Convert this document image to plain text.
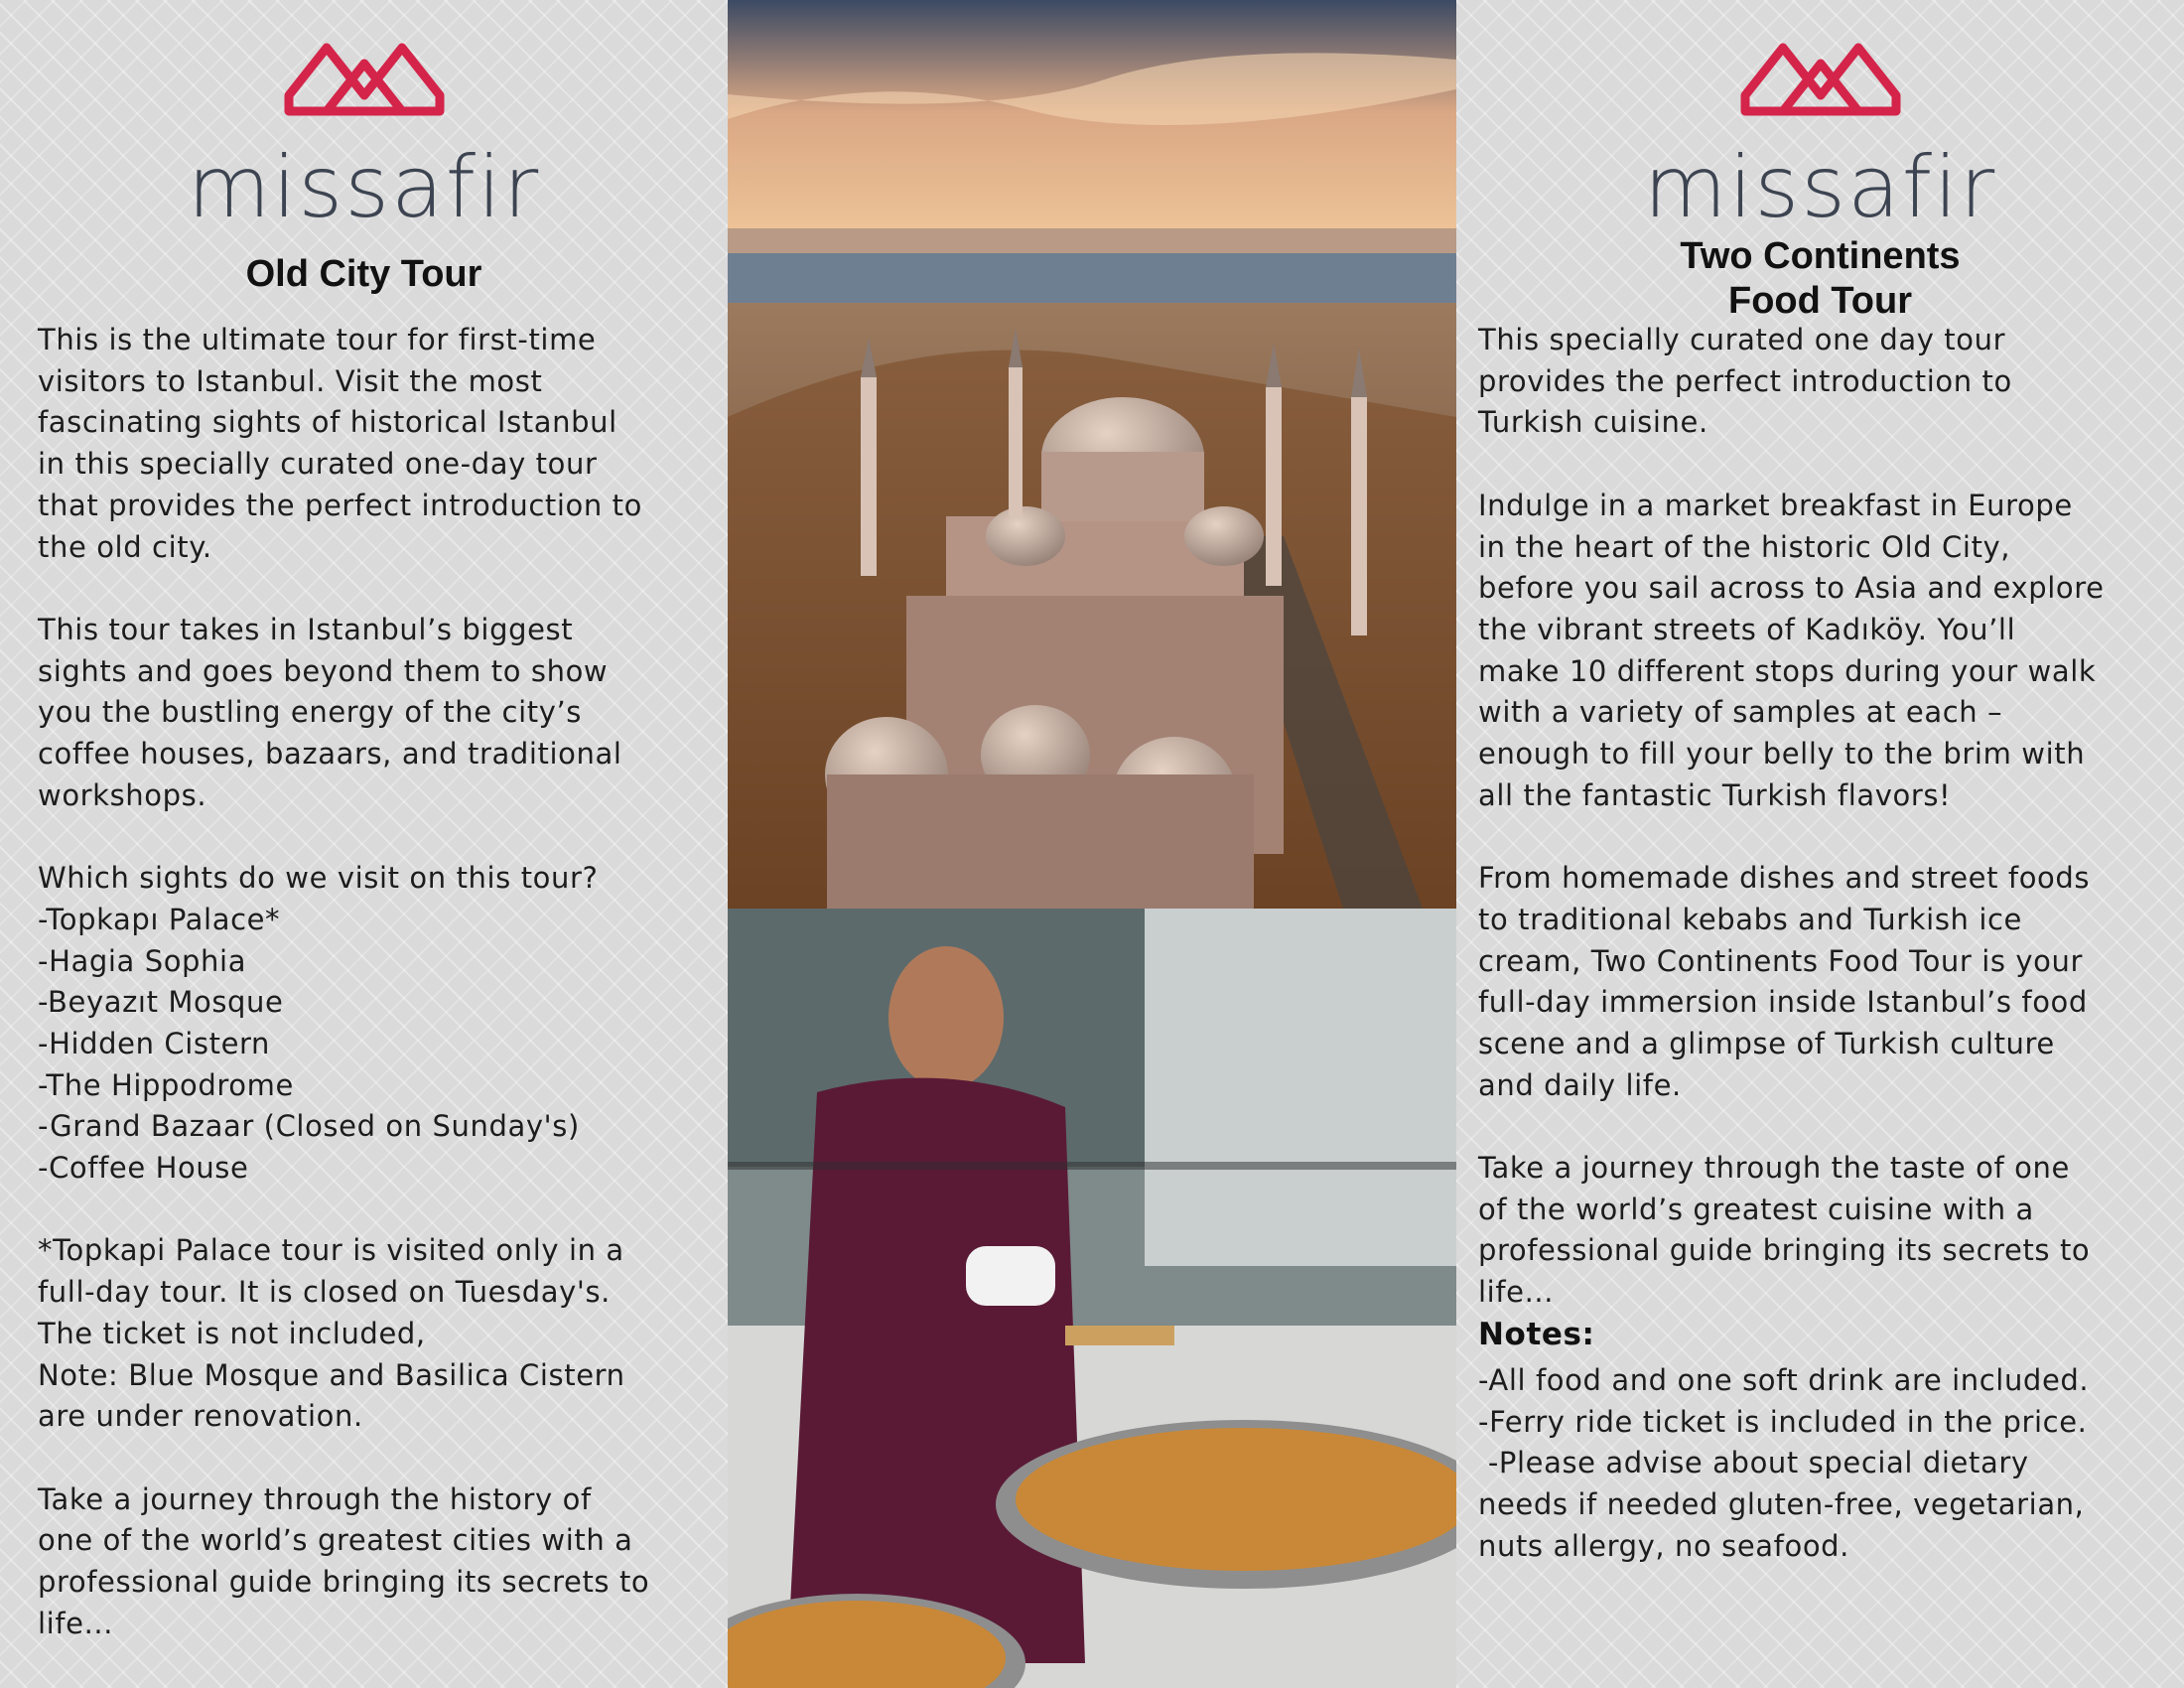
missafir
Old City Tour
This is the ultimate tour for first-time
visitors to Istanbul. Visit the most
fascinating sights of historical Istanbul
in this specially curated one-day tour
that provides the perfect introduction to
the old city.

This tour takes in Istanbul’s biggest
sights and goes beyond them to show
you the bustling energy of the city’s
coffee houses, bazaars, and traditional
workshops.

Which sights do we visit on this tour?
-Topkapı Palace*
-Hagia Sophia
-Beyazıt Mosque
-Hidden Cistern
-The Hippodrome
-Grand Bazaar (Closed on Sunday's)
-Coffee House

*Topkapi Palace tour is visited only in a
full-day tour. It is closed on Tuesday's.
The ticket is not included,
Note: Blue Mosque and Basilica Cistern
are under renovation.

Take a journey through the history of
one of the world’s greatest cities with a
professional guide bringing its secrets to
life...
missafir
Two Continents
Food Tour
This specially curated one day tour
provides the perfect introduction to
Turkish cuisine.

Indulge in a market breakfast in Europe
in the heart of the historic Old City,
before you sail across to Asia and explore
the vibrant streets of Kadıköy. You’ll
make 10 different stops during your walk
with a variety of samples at each –
enough to fill your belly to the brim with
all the fantastic Turkish flavors!

From homemade dishes and street foods
to traditional kebabs and Turkish ice
cream, Two Continents Food Tour is your
full-day immersion inside Istanbul’s food
scene and a glimpse of Turkish culture
and daily life.

Take a journey through the taste of one
of the world’s greatest cuisine with a
professional guide bringing its secrets to
life...
Notes:
-All food and one soft drink are included.
-Ferry ride ticket is included in the price.
-Please advise about special dietary
needs if needed gluten-free, vegetarian,
nuts allergy, no seafood.
